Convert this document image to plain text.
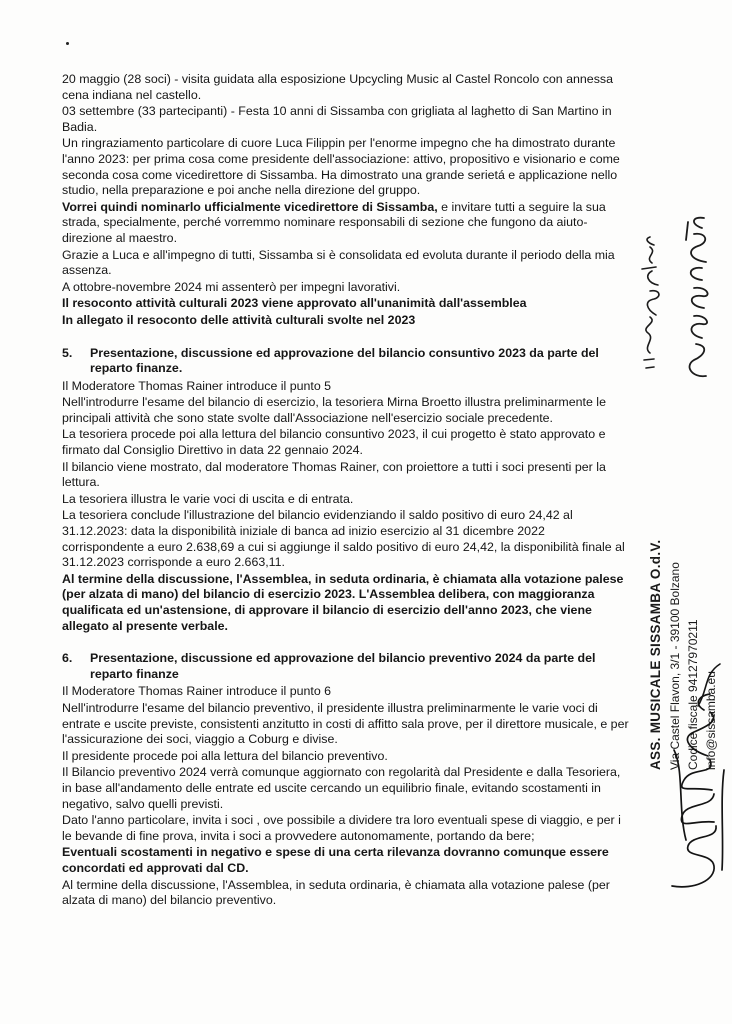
20 maggio (28 soci) - visita guidata alla esposizione Upcycling Music al Castel Roncolo con annessa cena indiana nel castello.

03 settembre (33 partecipanti) - Festa 10 anni di Sissamba con grigliata al laghetto di San Martino in Badia.

Un ringraziamento particolare di cuore Luca Filippin per l'enorme impegno che ha dimostrato durante l'anno 2023: per prima cosa come presidente dell'associazione: attivo, propositivo e visionario e come seconda cosa come vicedirettore di Sissamba. Ha dimostrato una grande serietá e applicazione nello studio, nella preparazione e poi anche nella direzione del gruppo.

Vorrei quindi nominarlo ufficialmente vicedirettore di Sissamba, e invitare tutti a seguire la sua strada, specialmente, perché vorremmo nominare responsabili di sezione che fungono da aiuto-direzione al maestro.

Grazie a Luca e all'impegno di tutti, Sissamba si è consolidata ed evoluta durante il periodo della mia assenza.

A ottobre-novembre 2024 mi assenterò per impegni lavorativi.

Il resoconto attività culturali 2023 viene approvato all'unanimità dall'assemblea

In allegato il resoconto delle attività culturali svolte nel 2023

5.	Presentazione, discussione ed approvazione del bilancio consuntivo 2023 da parte del reparto finanze.

Il Moderatore Thomas Rainer introduce il punto 5

Nell'introdurre l'esame del bilancio di esercizio, la tesoriera Mirna Broetto illustra preliminarmente le principali attività che sono state svolte dall'Associazione nell'esercizio sociale precedente.

La tesoriera procede poi alla lettura del bilancio consuntivo 2023, il cui progetto è stato approvato e firmato dal Consiglio Direttivo in data 22 gennaio 2024.

Il bilancio viene mostrato, dal moderatore Thomas Rainer, con proiettore a tutti i soci presenti per la lettura.

La tesoriera illustra le varie voci di uscita e di entrata.

La tesoriera conclude l'illustrazione del bilancio evidenziando il saldo positivo di euro 24,42 al 31.12.2023: data la disponibilità iniziale di banca ad inizio esercizio al 31 dicembre 2022 corrispondente a euro 2.638,69 a cui si aggiunge il saldo positivo di euro 24,42, la disponibilità finale al 31.12.2023 corrisponde a euro 2.663,11.

Al termine della discussione, l'Assemblea, in seduta ordinaria, è chiamata alla votazione palese (per alzata di mano) del bilancio di esercizio 2023. L'Assemblea delibera, con maggioranza qualificata ed un'astensione, di approvare il bilancio di esercizio dell'anno 2023, che viene allegato al presente verbale.

6.	Presentazione, discussione ed approvazione del bilancio preventivo 2024 da parte del reparto finanze

Il Moderatore Thomas Rainer introduce il punto 6

Nell'introdurre l'esame del bilancio preventivo, il presidente illustra preliminarmente le varie voci di entrate e uscite previste, consistenti anzitutto in costi di affitto sala prove, per il direttore musicale, e per l'assicurazione dei soci, viaggio a Coburg e divise.

Il presidente procede poi alla lettura del bilancio preventivo.

Il Bilancio preventivo 2024 verrà comunque aggiornato con regolarità dal Presidente e dalla Tesoriera, in base all'andamento delle entrate ed uscite cercando un equilibrio finale, evitando scostamenti in negativo, salvo quelli previsti.

Dato l'anno particolare, invita i soci , ove possibile a dividere tra loro eventuali spese di viaggio, e per i le bevande di fine prova, invita i soci a provvedere autonomamente, portando da bere;

Eventuali scostamenti in negativo e spese di una certa rilevanza dovranno comunque essere concordati ed approvati dal CD.

Al termine della discussione, l'Assemblea, in seduta ordinaria, è chiamata alla votazione palese (per alzata di mano) del bilancio preventivo.

ASS. MUSICALE SISSAMBA O.d.V. Via Castel Flavon, 3/1 - 39100 Bolzano Codice fiscale 94127970211 info@sissamba.eu
